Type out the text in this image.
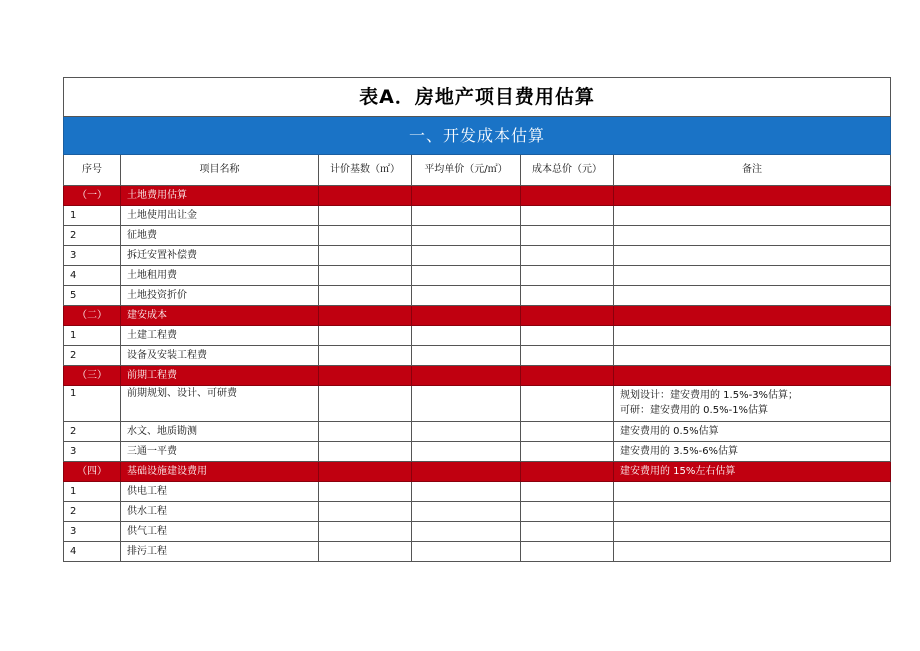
表A．房地产项目费用估算					
一、开发成本估算					
序号	项目名称	计价基数（㎡）	平均单价（元/㎡）	成本总价（元）	备注
（一）	土地费用估算				
1	土地使用出让金				
2	征地费				
3	拆迁安置补偿费				
4	土地租用费				
5	土地投资折价				
（二）	建安成本				
1	土建工程费				
2	设备及安装工程费				
（三）	前期工程费				
1	前期规划、设计、可研费				规划设计：建安费用的 1.5%-3%估算；
可研：建安费用的 0.5%-1%估算

2	水文、地质勘测				建安费用的 0.5%估算
3	三通一平费				建安费用的 3.5%-6%估算
（四）	基础设施建设费用				建安费用的 15%左右估算
1	供电工程				
2	供水工程				
3	供气工程				
4	排污工程				
